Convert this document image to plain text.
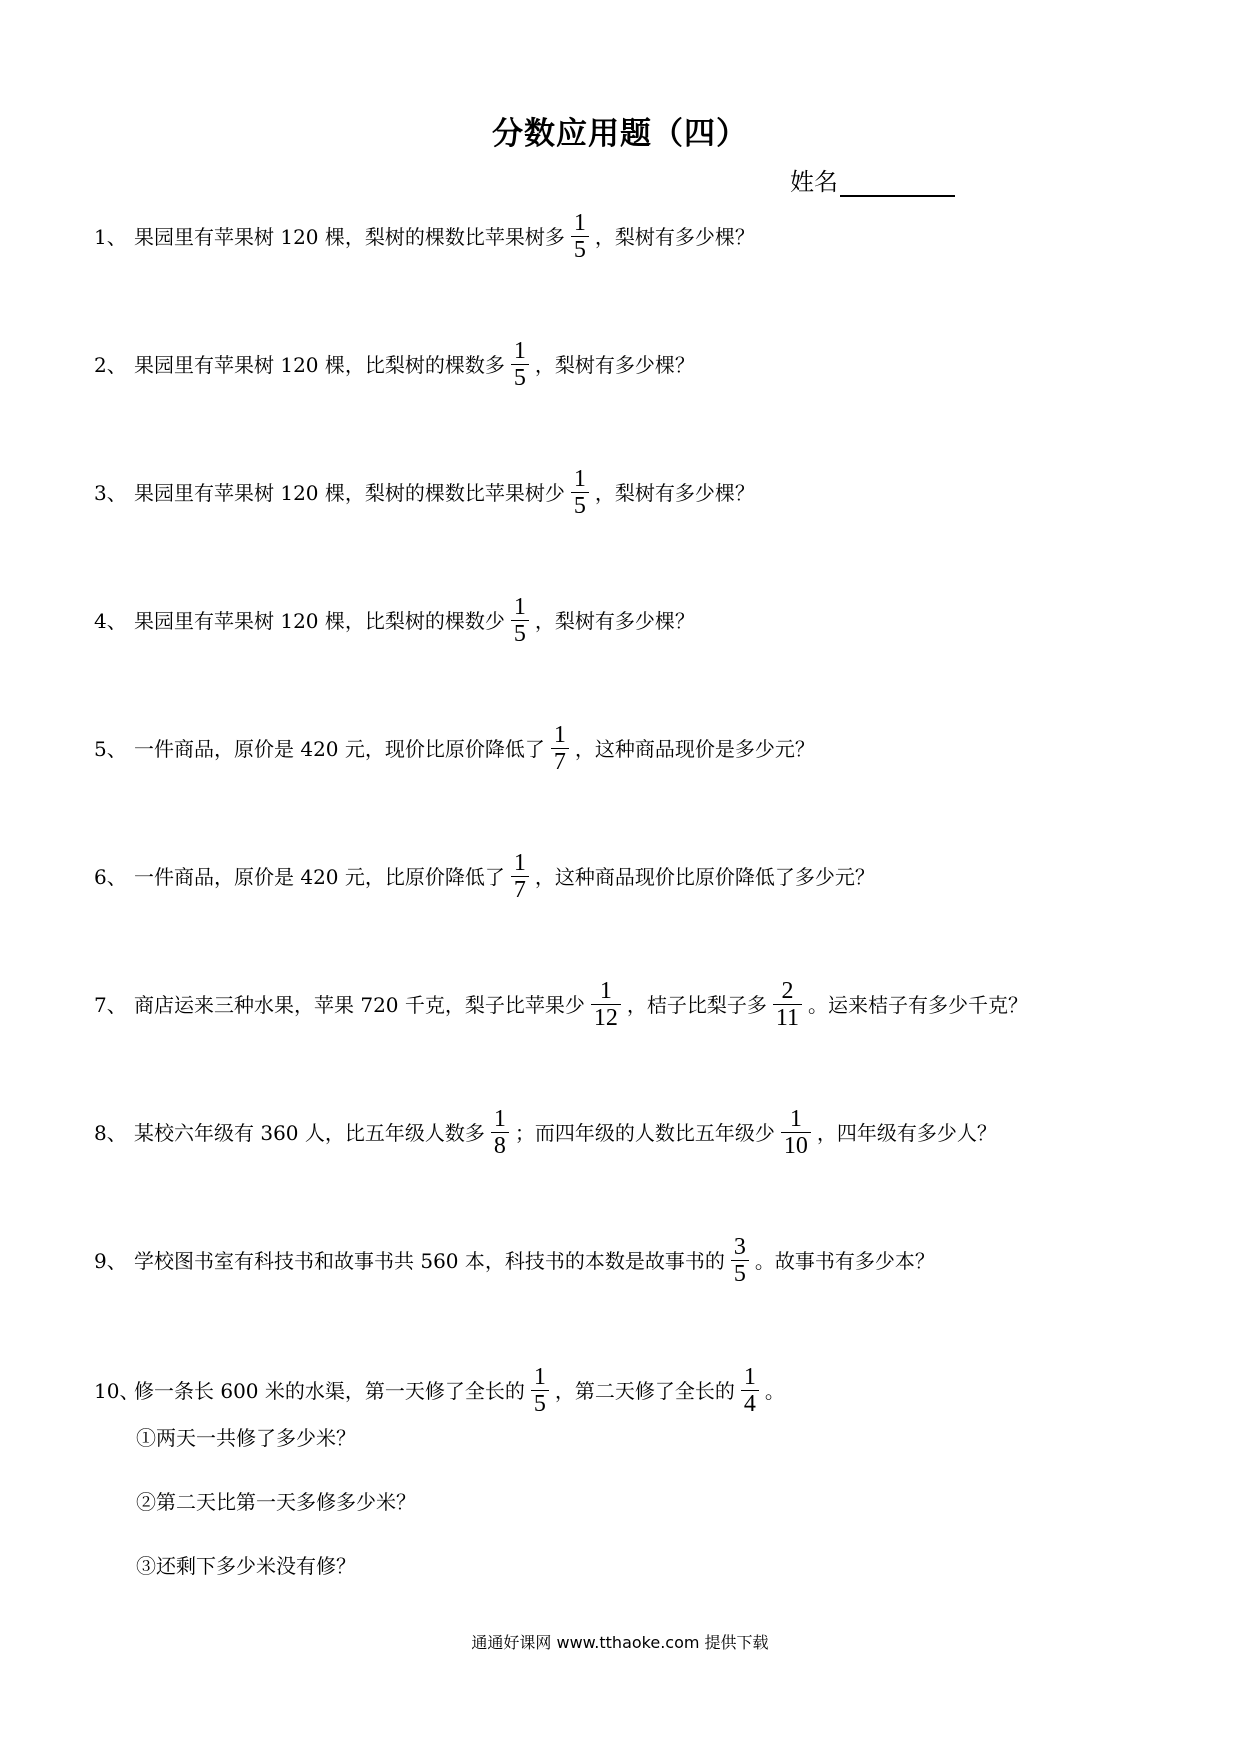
分数应用题（四）
姓名
1、 果园里有苹果树 120 棵，梨树的棵数比苹果树多 $\frac{1}{5}$ ，梨树有多少棵？
2、 果园里有苹果树 120 棵，比梨树的棵数多 $\frac{1}{5}$ ，梨树有多少棵？
3、 果园里有苹果树 120 棵，梨树的棵数比苹果树少 $\frac{1}{5}$ ，梨树有多少棵？
4、 果园里有苹果树 120 棵，比梨树的棵数少 $\frac{1}{5}$ ，梨树有多少棵？
5、 一件商品，原价是 420 元，现价比原价降低了 $\frac{1}{7}$ ，这种商品现价是多少元？
6、 一件商品，原价是 420 元，比原价降低了 $\frac{1}{7}$ ，这种商品现价比原价降低了多少元？
7、 商店运来三种水果，苹果 720 千克，梨子比苹果少 $\frac{1}{12}$ ，桔子比梨子多 $\frac{2}{11}$ 。运来桔子有多少千克？
8、 某校六年级有 360 人，比五年级人数多 $\frac{1}{8}$ ；而四年级的人数比五年级少 $\frac{1}{10}$ ，四年级有多少人？
9、 学校图书室有科技书和故事书共 560 本，科技书的本数是故事书的 $\frac{3}{5}$ 。故事书有多少本？
10、
修一条长 600 米的水渠，第一天修了全长的 $\frac{1}{5}$ ，第二天修了全长的 $\frac{1}{4}$ 。
①两天一共修了多少米？
②第二天比第一天多修多少米？
③还剩下多少米没有修？
通通好课网 www.tthaoke.com 提供下载
